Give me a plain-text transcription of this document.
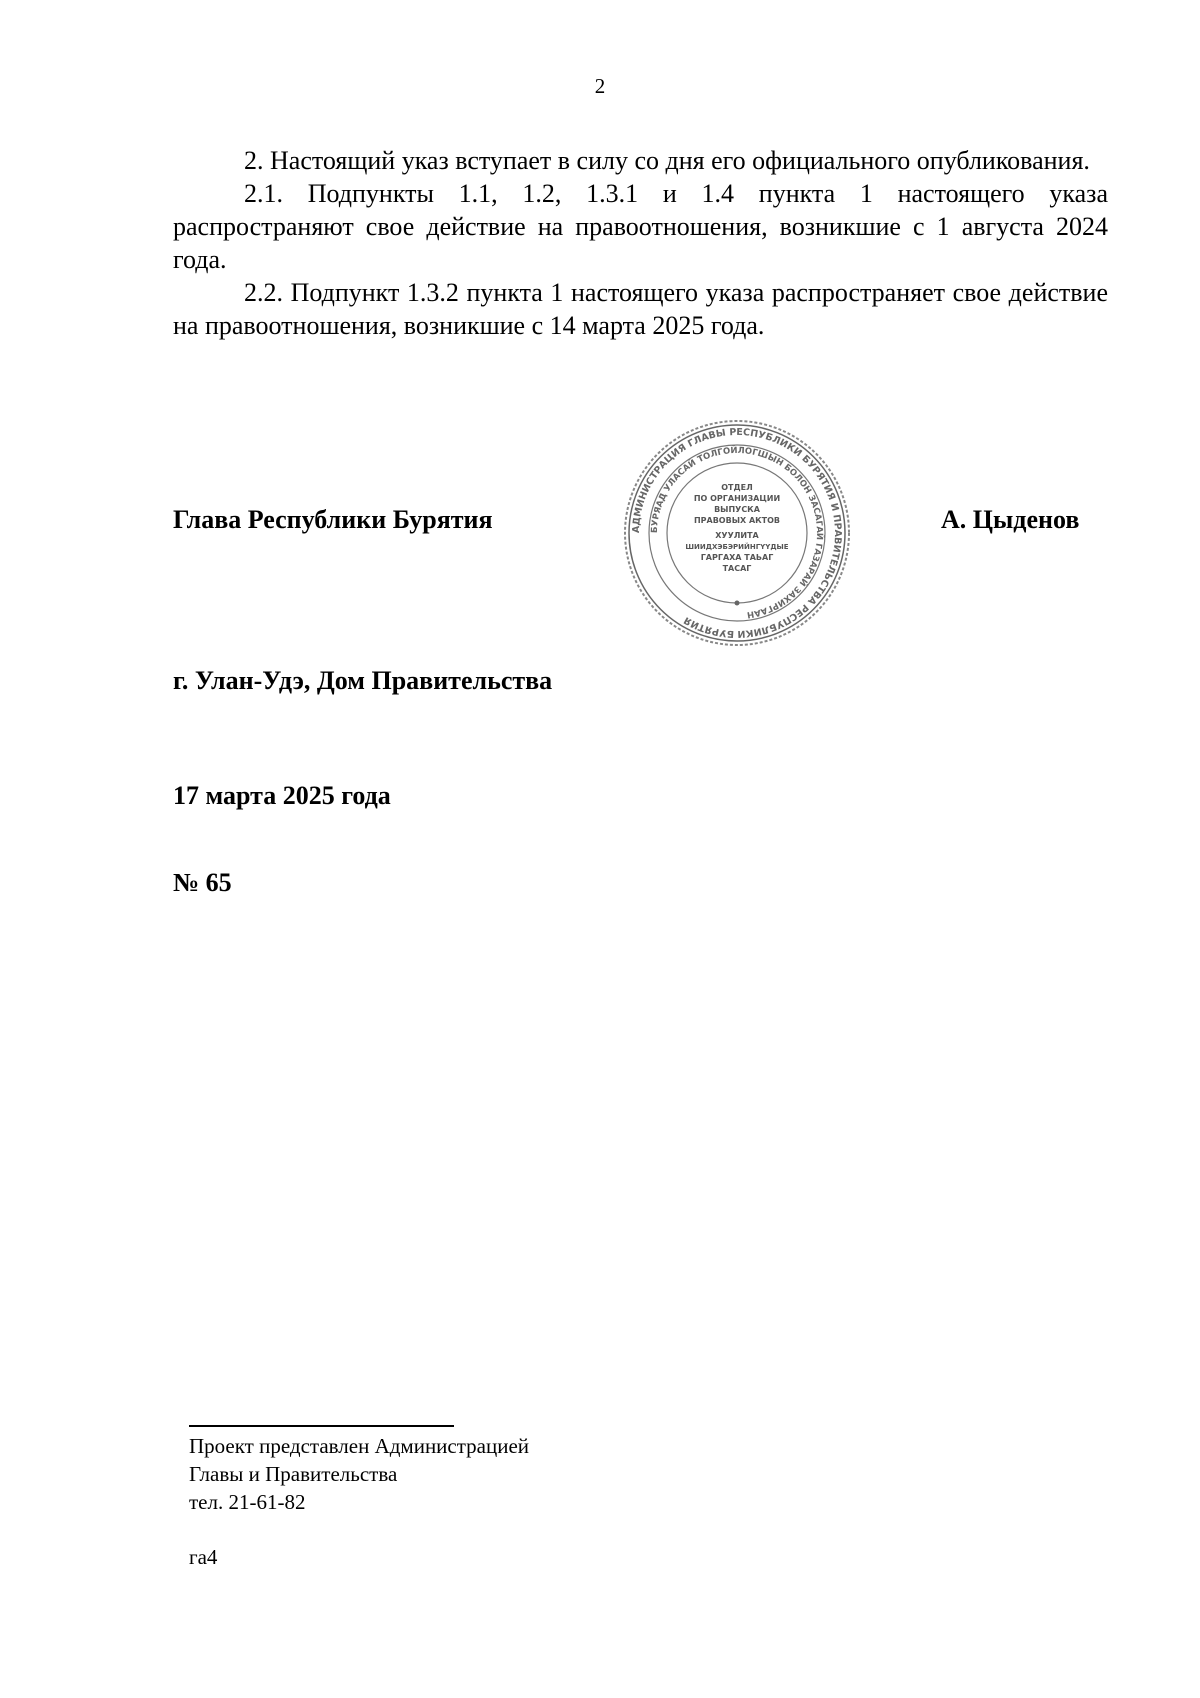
2

2. Настоящий указ вступает в силу со дня его официального опубликования.

2.1. Подпункты 1.1, 1.2, 1.3.1 и 1.4 пункта 1 настоящего указа распространяют свое действие на правоотношения, возникшие с 1 августа 2024 года.

2.2. Подпункт 1.3.2 пункта 1 настоящего указа распространяет свое действие на правоотношения, возникшие с 14 марта 2025 года.

Глава Республики Бурятия	АДМИНИСТРАЦИЯ ГЛАВЫ РЕСПУБЛИКИ БУРЯТИЯ И ПРАВИТЕЛЬСТВА РЕСПУБЛИКИ БУРЯТИЯ
БУРЯАД УЛАСАЙ ТОЛГОЙЛОГШЫН БОЛОН ЗАСАГАЙ ГАЗАРАЙ ЗАХИРГААН
ОТДЕЛ
ПО ОРГАНИЗАЦИИ
ВЫПУСКА
ПРАВОВЫХ АКТОВ
ХУУЛИТА
ШИИДХЭБЭРИЙНГҮҮДЫЕ
ГАРГАХА ТАЬАГ
ТАСАГ
А. Цыденов
г. Улан-Удэ, Дом Правительства
17 марта 2025 года
№ 65
Проект представлен Администрацией
Главы и Правительства
тел. 21-61-82
га4
